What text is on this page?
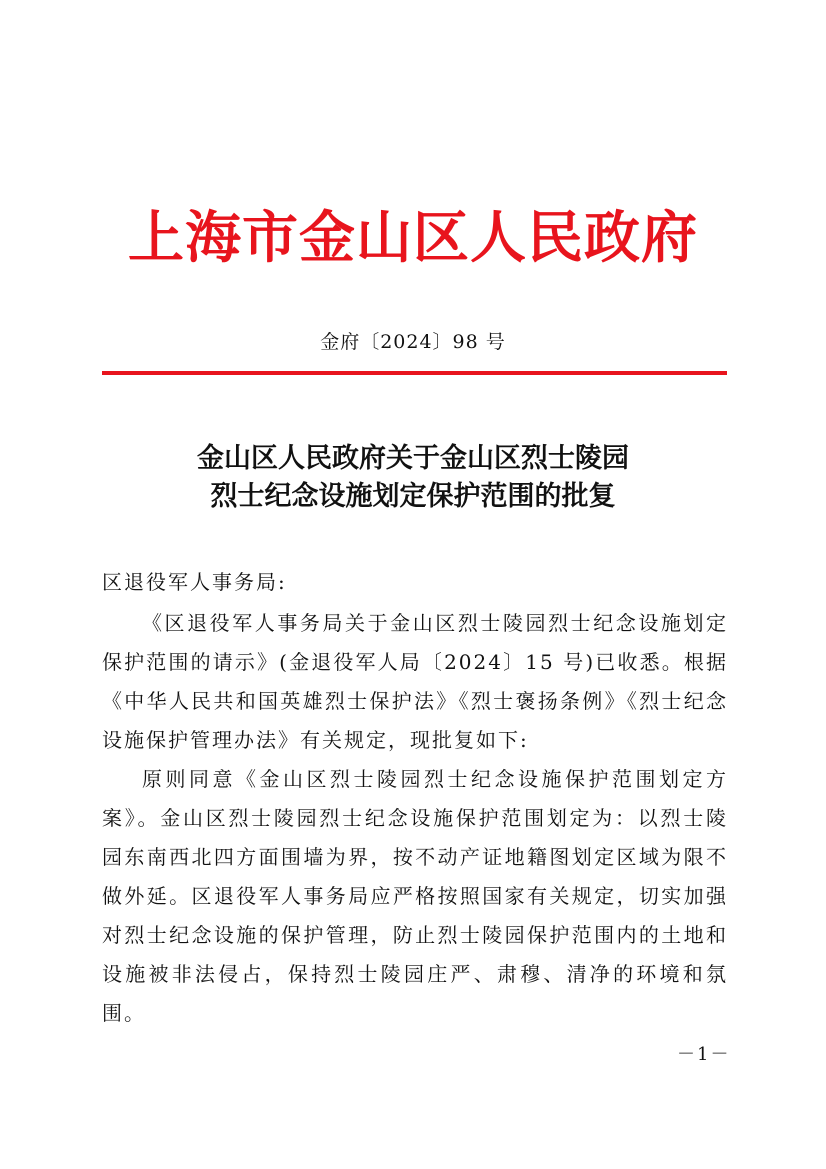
上海市金山区人民政府
金府〔2024〕98 号
金山区人民政府关于金山区烈士陵园
烈士纪念设施划定保护范围的批复
区退役军人事务局:

《区退役军人事务局关于金山区烈士陵园烈士纪念设施划定保护范围的请示》(金退役军人局〔2024〕15 号)已收悉。根据《中华人民共和国英雄烈士保护法》《烈士褒扬条例》《烈士纪念设施保护管理办法》有关规定，现批复如下:

原则同意《金山区烈士陵园烈士纪念设施保护范围划定方案》。金山区烈士陵园烈士纪念设施保护范围划定为：以烈士陵园东南西北四方面围墙为界，按不动产证地籍图划定区域为限不做外延。区退役军人事务局应严格按照国家有关规定，切实加强对烈士纪念设施的保护管理，防止烈士陵园保护范围内的土地和设施被非法侵占，保持烈士陵园庄严、肃穆、清净的环境和氛围。

－1－
